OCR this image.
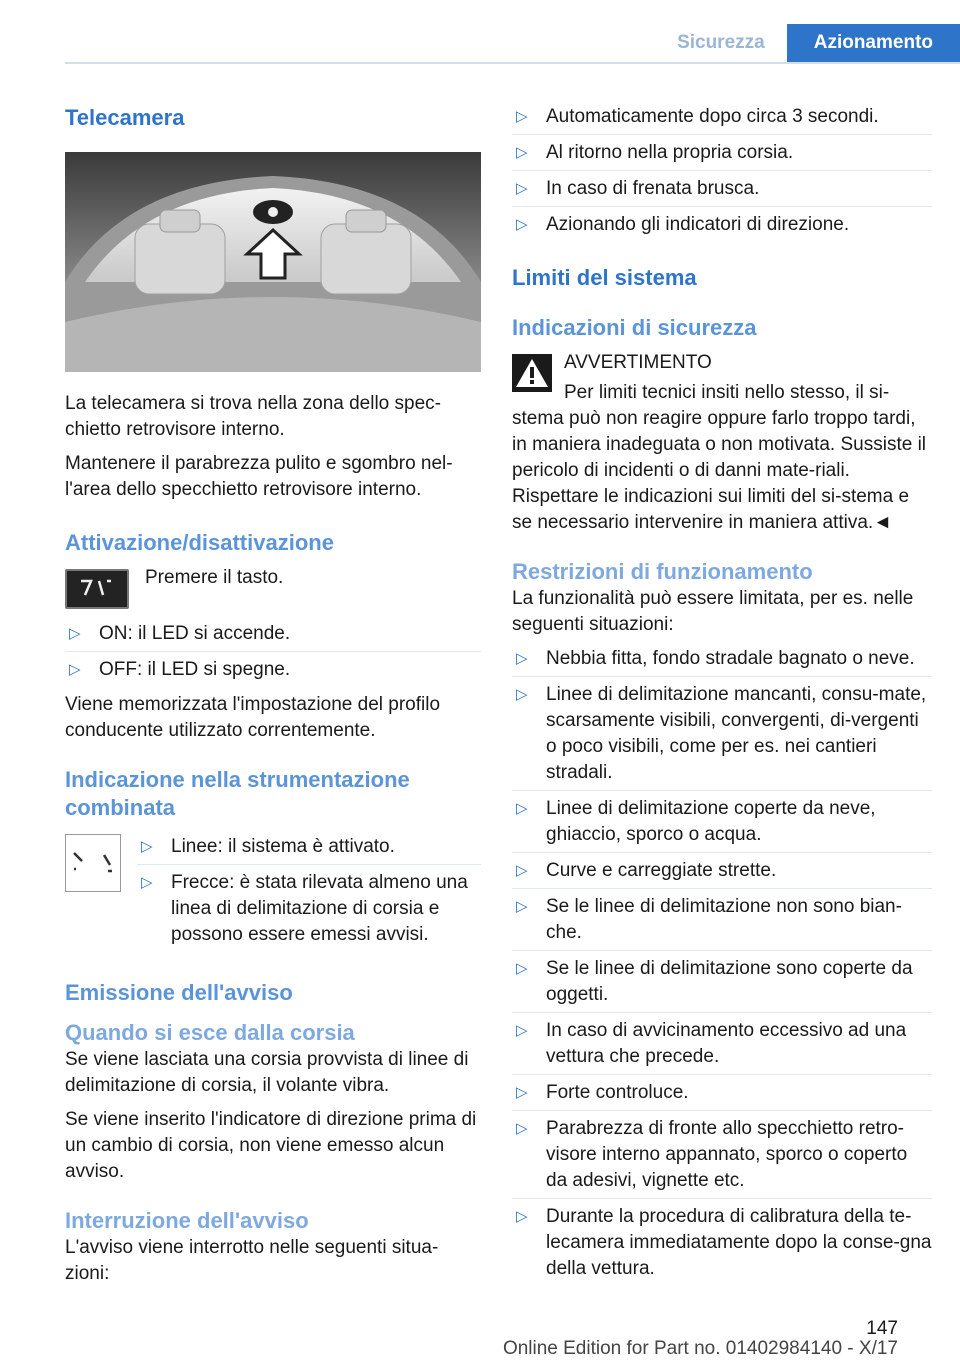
Sicurezza	Azionamento
Telecamera

La telecamera si trova nella zona dello spec-chietto retrovisore interno.

Mantenere il parabrezza pulito e sgombro nel-l'area dello specchietto retrovisore interno.

Attivazione/disattivazione

Premere il tasto.

▷ ON: il LED si accende.
▷ OFF: il LED si spegne.

Viene memorizzata l'impostazione del profilo conducente utilizzato correntemente.

Indicazione nella strumentazione combinata
▷ Linee: il sistema è attivato.
▷ Frecce: è stata rilevata almeno una linea di delimitazione di corsia e possono essere emessi avvisi.
Emissione dell'avviso
Quando si esce dalla corsia

Se viene lasciata una corsia provvista di linee di delimitazione di corsia, il volante vibra.

Se viene inserito l'indicatore di direzione prima di un cambio di corsia, non viene emesso alcun avviso.

Interruzione dell'avviso

L'avviso viene interrotto nelle seguenti situa-zioni:

▷ Automaticamente dopo circa 3 secondi.
▷ Al ritorno nella propria corsia.
▷ In caso di frenata brusca.
▷ Azionando gli indicatori di direzione.
Limiti del sistema
Indicazioni di sicurezza

AVVERTIMENTO

Per limiti tecnici insiti nello stesso, il si-stema può non reagire oppure farlo troppo tardi, in maniera inadeguata o non motivata. Sussiste il pericolo di incidenti o di danni mate-riali. Rispettare le indicazioni sui limiti del si-stema e se necessario intervenire in maniera attiva.◄

Restrizioni di funzionamento

La funzionalità può essere limitata, per es. nelle seguenti situazioni:

▷ Nebbia fitta, fondo stradale bagnato o neve.
▷ Linee di delimitazione mancanti, consu-mate, scarsamente visibili, convergenti, di-vergenti o poco visibili, come per es. nei cantieri stradali.
▷ Linee di delimitazione coperte da neve, ghiaccio, sporco o acqua.
▷ Curve e carreggiate strette.
▷ Se le linee di delimitazione non sono bian-che.
▷ Se le linee di delimitazione sono coperte da oggetti.
▷ In caso di avvicinamento eccessivo ad una vettura che precede.
▷ Forte controluce.
▷ Parabrezza di fronte allo specchietto retro-visore interno appannato, sporco o coperto da adesivi, vignette etc.
▷ Durante la procedura di calibratura della te-lecamera immediatamente dopo la conse-gna della vettura.
147
Online Edition for Part no. 01402984140 - X/17
